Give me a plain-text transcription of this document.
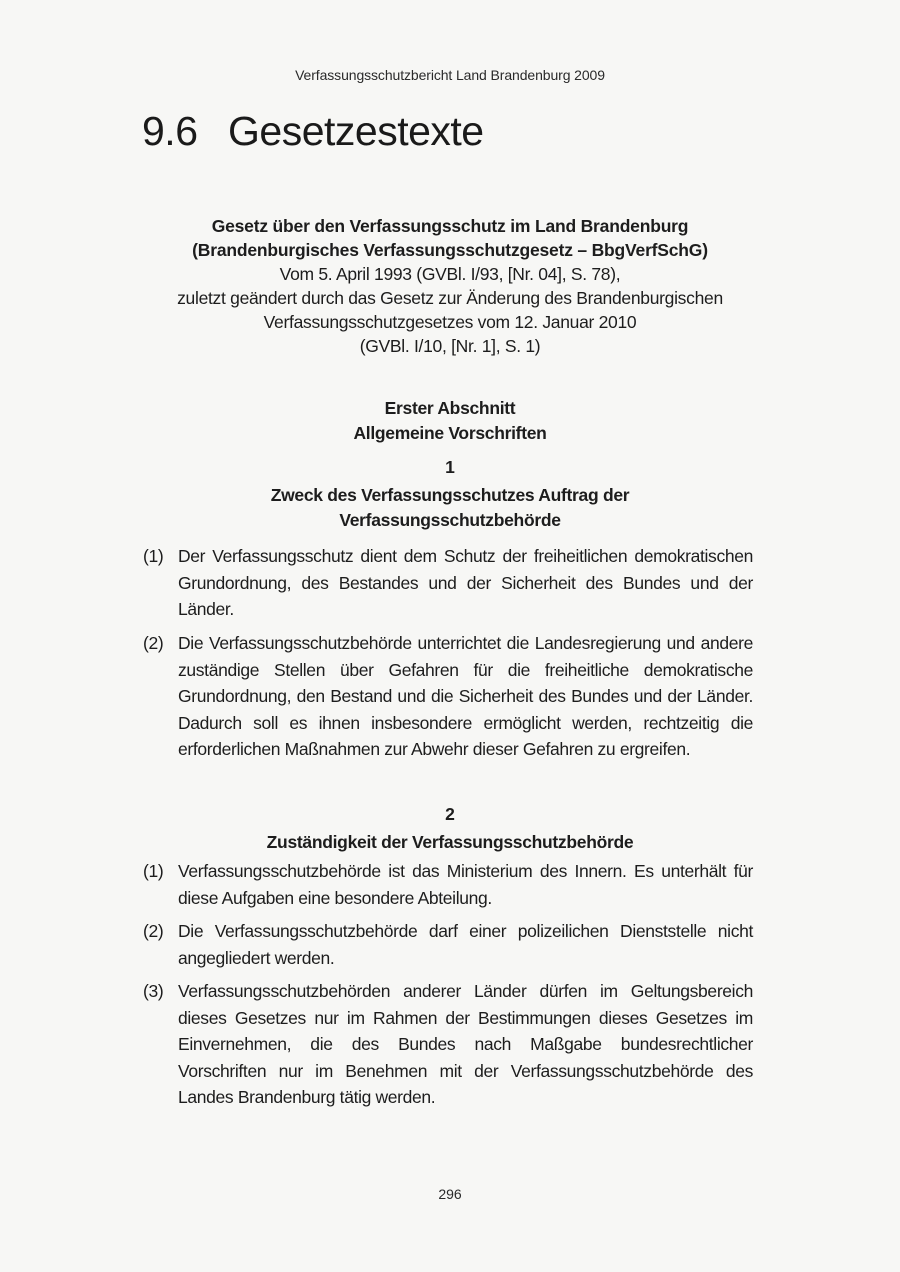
Verfassungsschutzbericht Land Brandenburg 2009
9.6 Gesetzestexte
Gesetz über den Verfassungsschutz im Land Brandenburg
(Brandenburgisches Verfassungsschutzgesetz – BbgVerfSchG)
Vom 5. April 1993 (GVBl. I/93, [Nr. 04], S. 78),
zuletzt geändert durch das Gesetz zur Änderung des Brandenburgischen
Verfassungsschutzgesetzes vom 12. Januar 2010
(GVBl. I/10, [Nr. 1], S. 1)
Erster Abschnitt
Allgemeine Vorschriften
1
Zweck des Verfassungsschutzes Auftrag der
Verfassungsschutzbehörde
(1) Der Verfassungsschutz dient dem Schutz der freiheitlichen demokratischen Grundordnung, des Bestandes und der Sicherheit des Bundes und der Länder.
(2) Die Verfassungsschutzbehörde unterrichtet die Landesregierung und andere zuständige Stellen über Gefahren für die freiheitliche demokratische Grundordnung, den Bestand und die Sicherheit des Bundes und der Länder. Dadurch soll es ihnen insbesondere ermöglicht werden, rechtzeitig die erforderlichen Maßnahmen zur Abwehr dieser Gefahren zu ergreifen.
2
Zuständigkeit der Verfassungsschutzbehörde
(1) Verfassungsschutzbehörde ist das Ministerium des Innern. Es unterhält für diese Aufgaben eine besondere Abteilung.
(2) Die Verfassungsschutzbehörde darf einer polizeilichen Dienststelle nicht angegliedert werden.
(3) Verfassungsschutzbehörden anderer Länder dürfen im Geltungsbereich dieses Gesetzes nur im Rahmen der Bestimmungen dieses Gesetzes im Einvernehmen, die des Bundes nach Maßgabe bundesrechtlicher Vorschriften nur im Benehmen mit der Verfassungsschutzbehörde des Landes Brandenburg tätig werden.
296
